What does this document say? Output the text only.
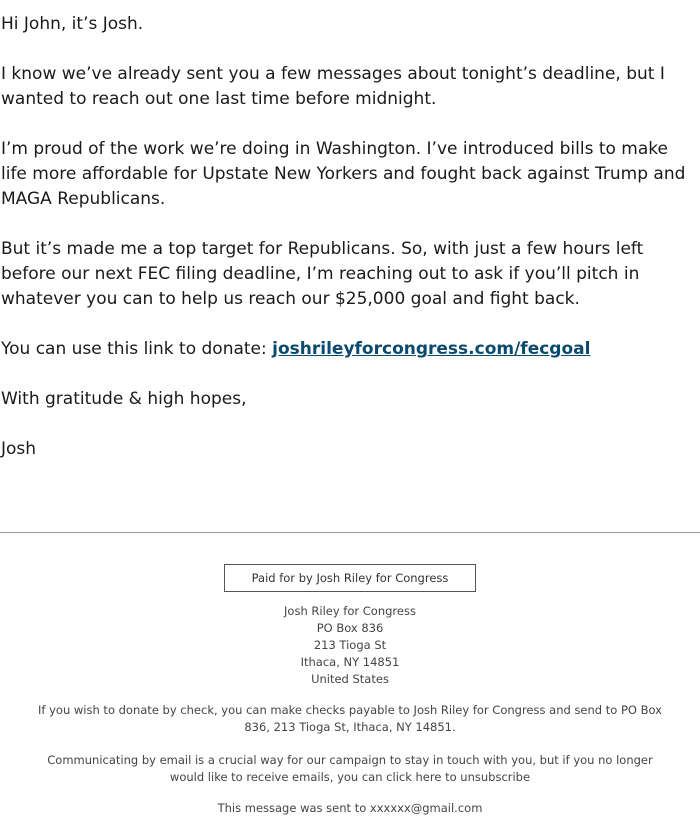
Hi John, it’s Josh.

I know we’ve already sent you a few messages about tonight’s deadline, but I wanted to reach out one last time before midnight.

I’m proud of the work we’re doing in Washington. I’ve introduced bills to make life more affordable for Upstate New Yorkers and fought back against Trump and MAGA Republicans.

But it’s made me a top target for Republicans. So, with just a few hours left before our next FEC filing deadline, I’m reaching out to ask if you’ll pitch in whatever you can to help us reach our $25,000 goal and fight back.

You can use this link to donate: joshrileyforcongress.com/fecgoal

With gratitude & high hopes,

Josh

Paid for by Josh Riley for Congress
Josh Riley for Congress
PO Box 836
213 Tioga St
Ithaca, NY 14851
United States
If you wish to donate by check, you can make checks payable to Josh Riley for Congress and send to PO Box 836, 213 Tioga St, Ithaca, NY 14851.
Communicating by email is a crucial way for our campaign to stay in touch with you, but if you no longer would like to receive emails, you can click here to unsubscribe
This message was sent to xxxxxx@gmail.com
